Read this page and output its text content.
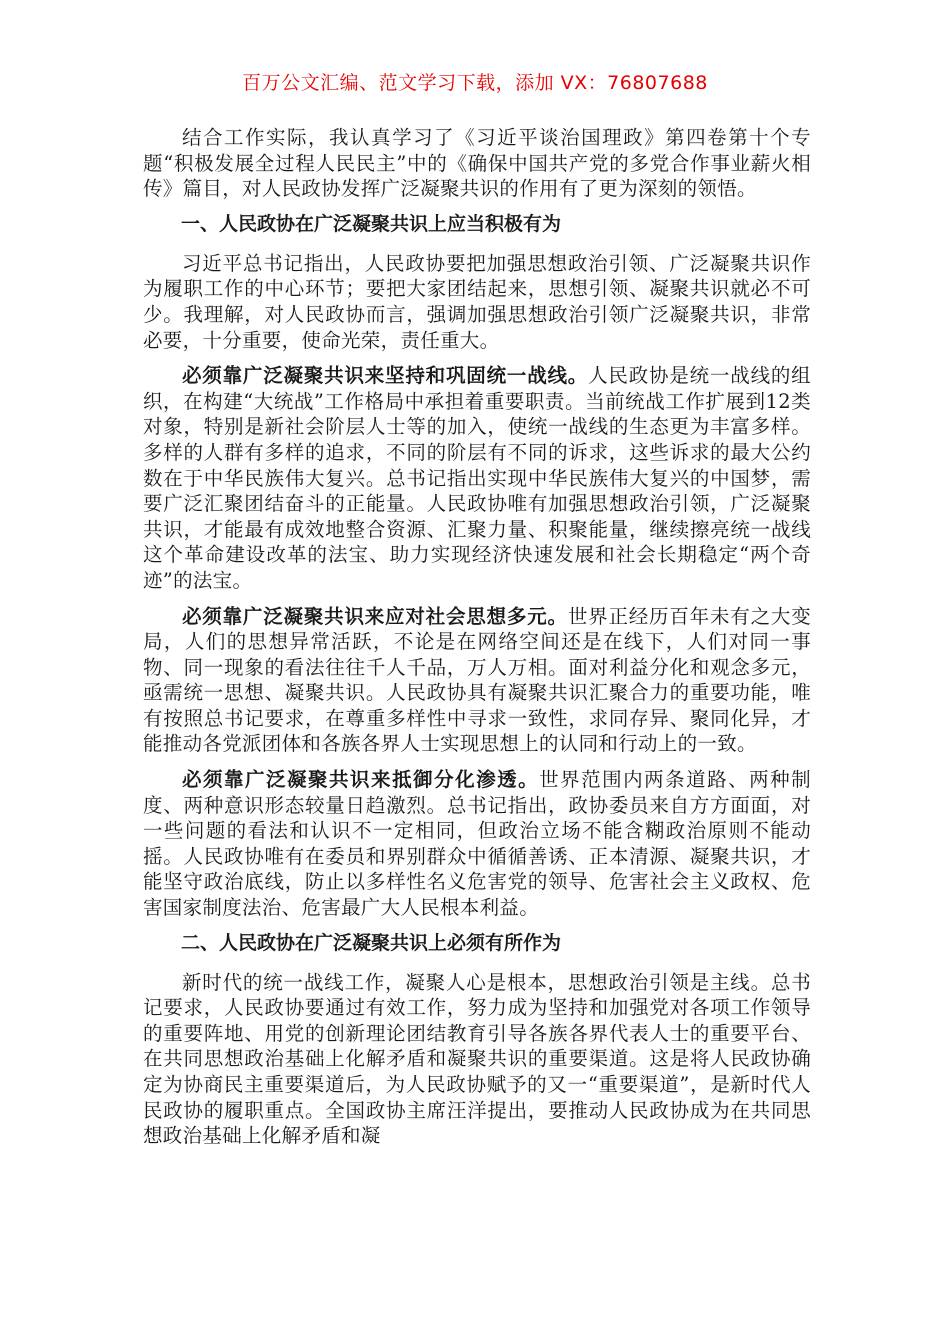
百万公文汇编、范文学习下载，添加 VX：76807688

结合工作实际，我认真学习了《习近平谈治国理政》第四卷第十个专题“积极发展全过程人民民主”中的《确保中国共产党的多党合作事业薪火相传》篇目，对人民政协发挥广泛凝聚共识的作用有了更为深刻的领悟。

一、人民政协在广泛凝聚共识上应当积极有为

习近平总书记指出，人民政协要把加强思想政治引领、广泛凝聚共识作为履职工作的中心环节；要把大家团结起来，思想引领、凝聚共识就必不可少。我理解，对人民政协而言，强调加强思想政治引领广泛凝聚共识，非常必要，十分重要，使命光荣，责任重大。

必须靠广泛凝聚共识来坚持和巩固统一战线。人民政协是统一战线的组织，在构建“大统战”工作格局中承担着重要职责。当前统战工作扩展到12类对象，特别是新社会阶层人士等的加入，使统一战线的生态更为丰富多样。多样的人群有多样的追求，不同的阶层有不同的诉求，这些诉求的最大公约数在于中华民族伟大复兴。总书记指出实现中华民族伟大复兴的中国梦，需要广泛汇聚团结奋斗的正能量。人民政协唯有加强思想政治引领，广泛凝聚共识，才能最有成效地整合资源、汇聚力量、积聚能量，继续擦亮统一战线这个革命建设改革的法宝、助力实现经济快速发展和社会长期稳定“两个奇迹”的法宝。

必须靠广泛凝聚共识来应对社会思想多元。世界正经历百年未有之大变局，人们的思想异常活跃，不论是在网络空间还是在线下，人们对同一事物、同一现象的看法往往千人千品，万人万相。面对利益分化和观念多元，亟需统一思想、凝聚共识。人民政协具有凝聚共识汇聚合力的重要功能，唯有按照总书记要求，在尊重多样性中寻求一致性，求同存异、聚同化异，才能推动各党派团体和各族各界人士实现思想上的认同和行动上的一致。

必须靠广泛凝聚共识来抵御分化渗透。世界范围内两条道路、两种制度、两种意识形态较量日趋激烈。总书记指出，政协委员来自方方面面，对一些问题的看法和认识不一定相同，但政治立场不能含糊政治原则不能动摇。人民政协唯有在委员和界别群众中循循善诱、正本清源、凝聚共识，才能坚守政治底线，防止以多样性名义危害党的领导、危害社会主义政权、危害国家制度法治、危害最广大人民根本利益。

二、人民政协在广泛凝聚共识上必须有所作为

新时代的统一战线工作，凝聚人心是根本，思想政治引领是主线。总书记要求，人民政协要通过有效工作，努力成为坚持和加强党对各项工作领导的重要阵地、用党的创新理论团结教育引导各族各界代表人士的重要平台、在共同思想政治基础上化解矛盾和凝聚共识的重要渠道。这是将人民政协确定为协商民主重要渠道后，为人民政协赋予的又一“重要渠道”，是新时代人民政协的履职重点。全国政协主席汪洋提出，要推动人民政协成为在共同思想政治基础上化解矛盾和凝
